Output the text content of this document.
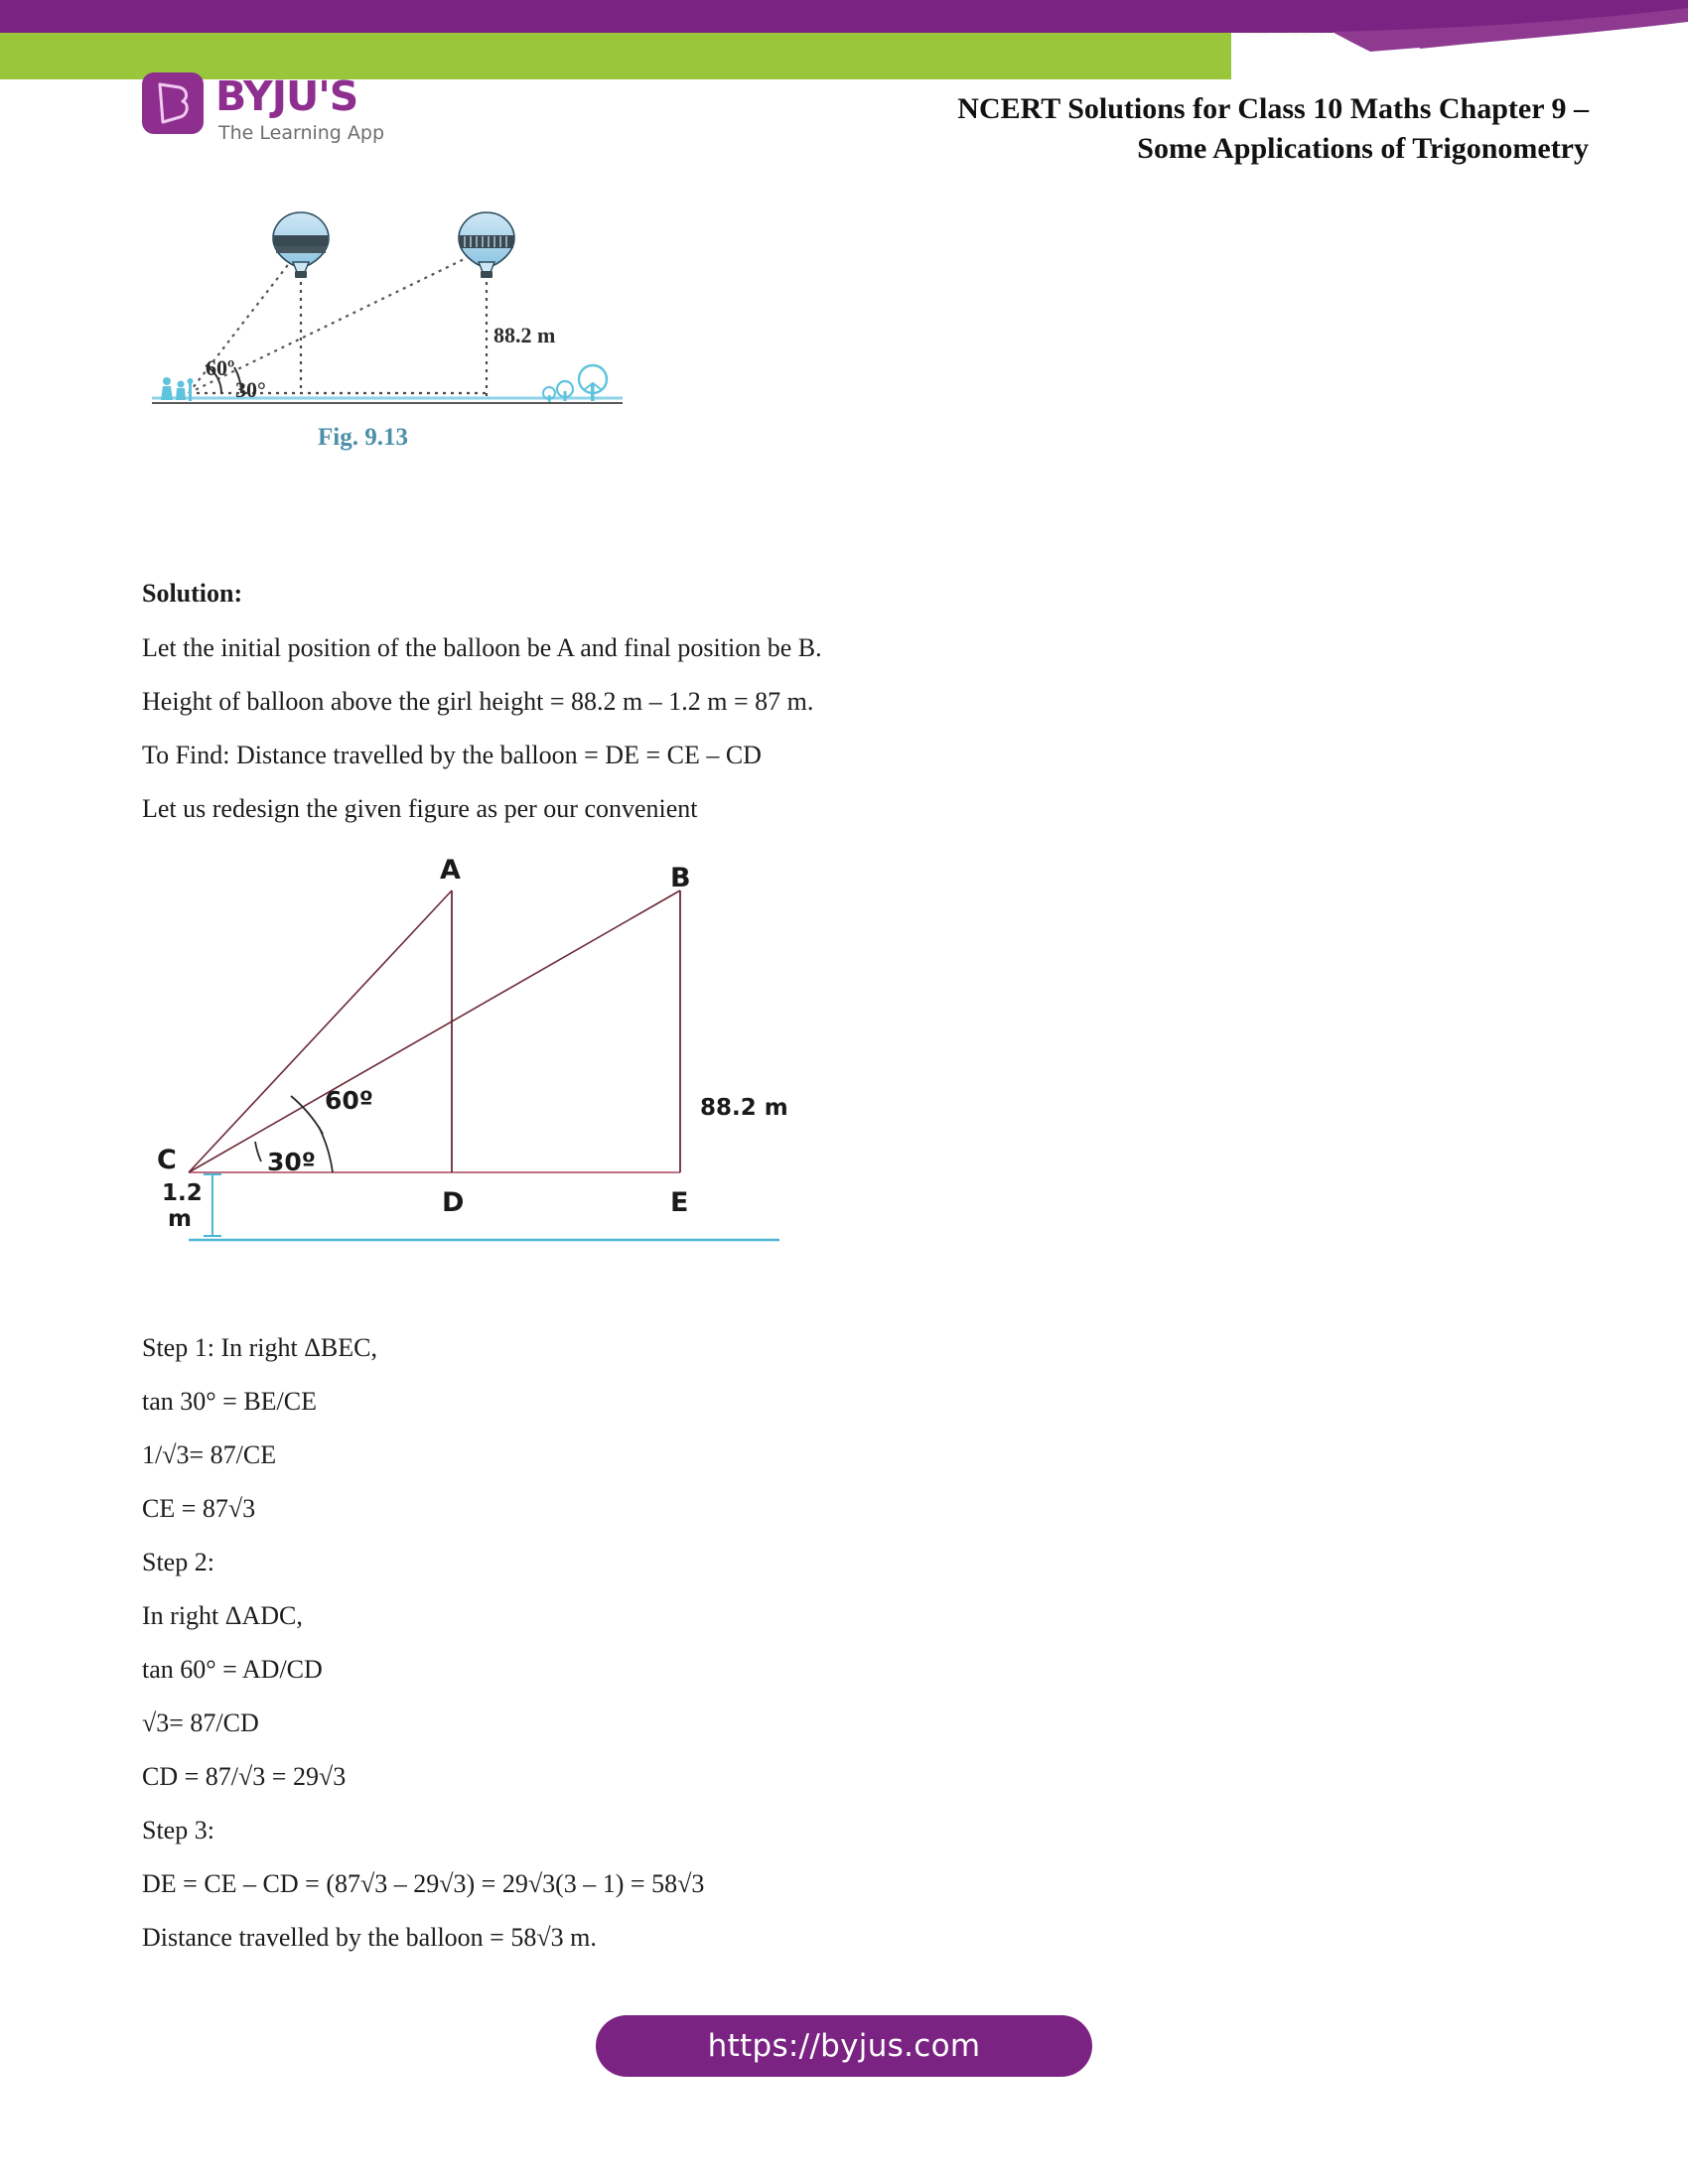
BYJU'S
The Learning App
NCERT Solutions for Class 10 Maths Chapter 9 –
Some Applications of Trigonometry
88.2 m
60º
30°
Fig. 9.13
Solution:
Let the initial position of the balloon be A and final position be B.
Height of balloon above the girl height = 88.2 m – 1.2 m = 87 m.
To Find: Distance travelled by the balloon = DE = CE – CD
Let us redesign the given figure as per our convenient
A	B
C
D	E
88.2 m
60º
30º
1.2
m
Step 1: In right ΔBEC,
tan 30° = BE/CE
1/√3= 87/CE
CE = 87√3
Step 2:
In right ΔADC,
tan 60° = AD/CD
√3= 87/CD
CD = 87/√3 = 29√3
Step 3:
DE = CE – CD = (87√3 – 29√3) = 29√3(3 – 1) = 58√3
Distance travelled by the balloon = 58√3 m.
https://byjus.com
